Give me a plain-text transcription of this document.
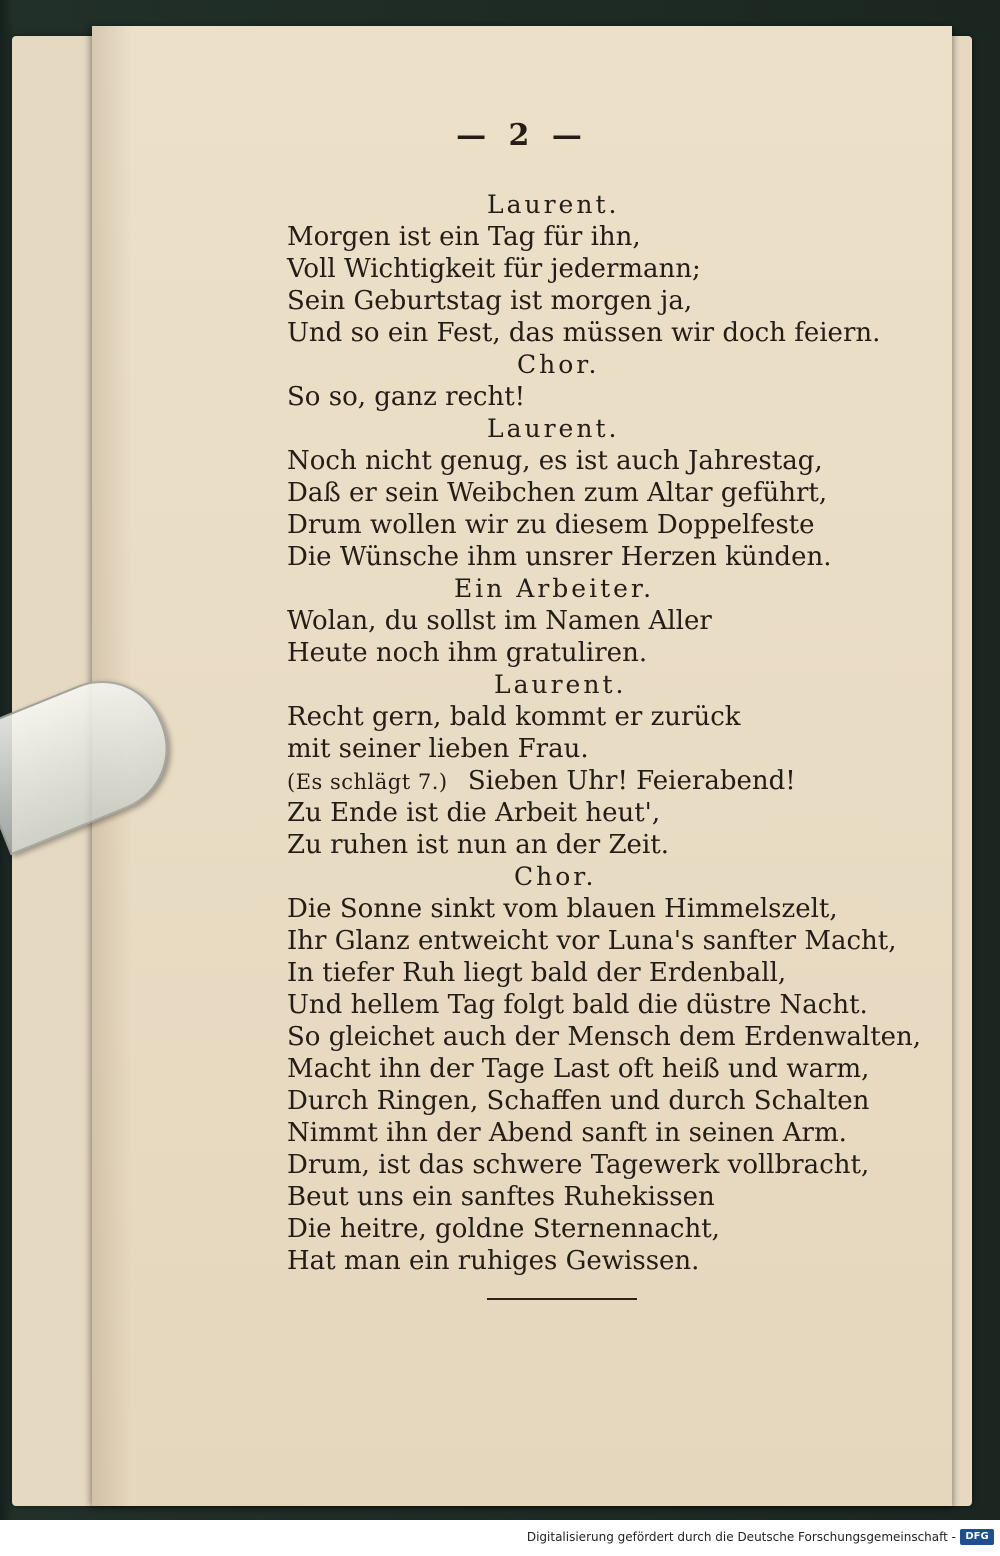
— 2 —
Laurent.
Morgen ist ein Tag für ihn,
Voll Wichtigkeit für jedermann;
Sein Geburtstag ist morgen ja,
Und so ein Fest, das müssen wir doch feiern.
Chor.
So so, ganz recht!
Laurent.
Noch nicht genug, es ist auch Jahrestag,
Daß er sein Weibchen zum Altar geführt,
Drum wollen wir zu diesem Doppelfeste
Die Wünsche ihm unsrer Herzen künden.
Ein Arbeiter.
Wolan, du sollst im Namen Aller
Heute noch ihm gratuliren.
Laurent.
Recht gern, bald kommt er zurück
mit seiner lieben Frau.
(Es schlägt 7.) Sieben Uhr! Feierabend!
Zu Ende ist die Arbeit heut',
Zu ruhen ist nun an der Zeit.
Chor.
Die Sonne sinkt vom blauen Himmelszelt,
Ihr Glanz entweicht vor Luna's sanfter Macht,
In tiefer Ruh liegt bald der Erdenball,
Und hellem Tag folgt bald die düstre Nacht.
So gleichet auch der Mensch dem Erdenwalten,
Macht ihn der Tage Last oft heiß und warm,
Durch Ringen, Schaffen und durch Schalten
Nimmt ihn der Abend sanft in seinen Arm.
Drum, ist das schwere Tagewerk vollbracht,
Beut uns ein sanftes Ruhekissen
Die heitre, goldne Sternennacht,
Hat man ein ruhiges Gewissen.
Digitalisierung gefördert durch die Deutsche Forschungsgemeinschaft - DFG
